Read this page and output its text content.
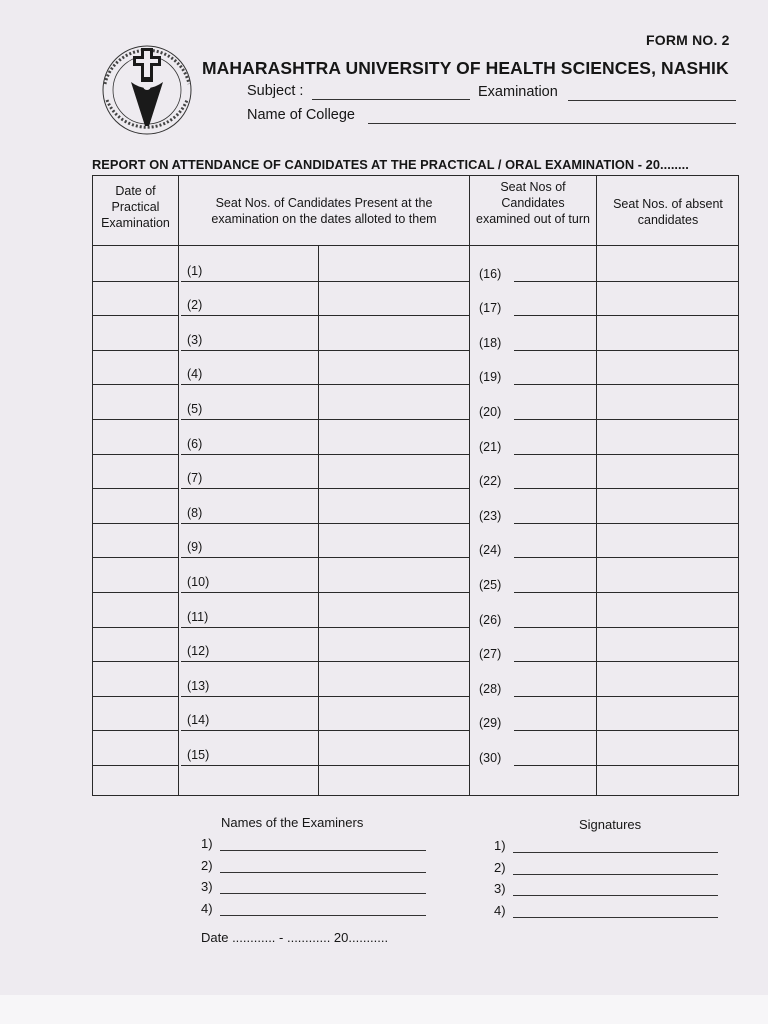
FORM NO. 2
MAHARASHTRA UNIVERSITY OF HEALTH SCIENCES, NASHIK
Subject :	Examination
Name of College
REPORT ON ATTENDANCE OF CANDIDATES AT THE PRACTICAL / ORAL EXAMINATION - 20........
Date of Practical Examination
Seat Nos. of Candidates Present at the examination on the dates alloted to them
Seat Nos of Candidates examined out of turn
Seat Nos. of absent candidates
(1)	(16)
(2)	(17)
(3)	(18)
(4)	(19)
(5)	(20)
(6)	(21)
(7)	(22)
(8)	(23)
(9)	(24)
(10)	(25)
(11)	(26)
(12)	(27)
(13)	(28)
(14)	(29)
(15)	(30)
Names of the Examiners	Signatures
1)	1)
2)	2)
3)	3)
4)	4)
Date ............ - ............ 20...........
